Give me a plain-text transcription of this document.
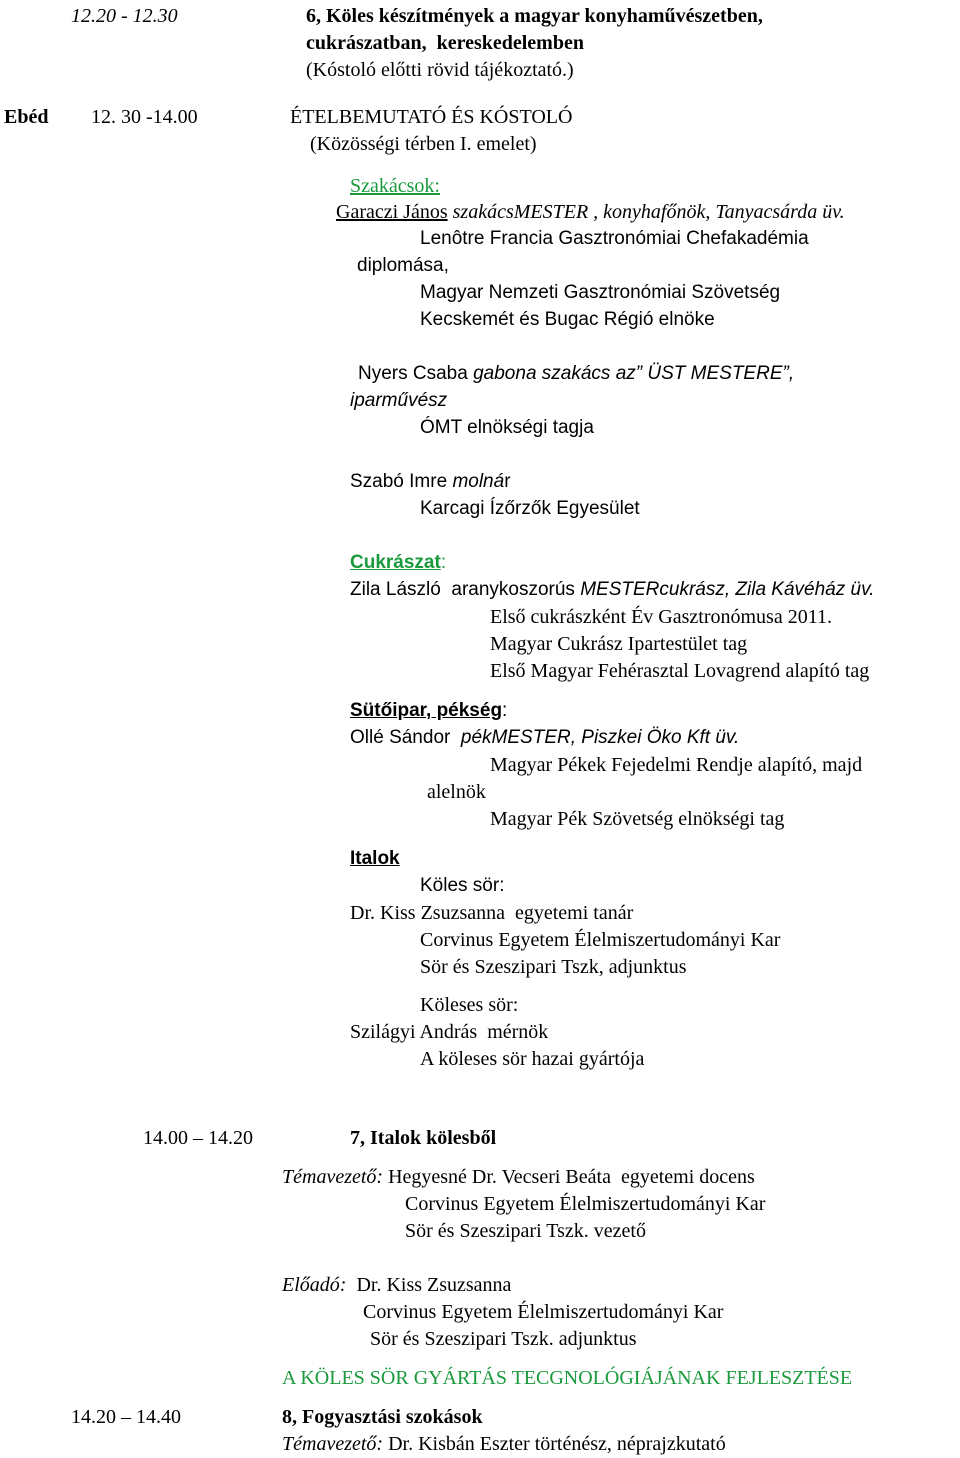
12.20 - 12.30	6, Köles készítmények a magyar konyhaművészetben,
cukrászatban,  kereskedelemben
(Kóstoló előtti rövid tájékoztató.)
Ebéd 12. 30 -14.00	ÉTELBEMUTATÓ ÉS KÓSTOLÓ
(Közösségi térben I. emelet)
Szakácsok:
Garaczi János szakácsMESTER , konyhafőnök, Tanyacsárda üv.
Lenôtre Francia Gasztronómiai Chefakadémia
diplomása,
Magyar Nemzeti Gasztronómiai Szövetség
Kecskemét és Bugac Régió elnöke
Nyers Csaba gabona szakács az” ÜST MESTERE”,
iparművész
ÓMT elnökségi tagja
Szabó Imre molnár
Karcagi Ízőrzők Egyesület
Cukrászat:
Zila László  aranykoszorús MESTERcukrász, Zila Kávéház üv.
Első cukrászként Év Gasztronómusa 2011.
Magyar Cukrász Ipartestület tag
Első Magyar Fehérasztal Lovagrend alapító tag
Sütőipar, pékség:
Ollé Sándor  pékMESTER, Piszkei Öko Kft üv.
Magyar Pékek Fejedelmi Rendje alapító, majd
alelnök
Magyar Pék Szövetség elnökségi tag
Italok
Köles sör:
Dr. Kiss Zsuzsanna  egyetemi tanár
Corvinus Egyetem Élelmiszertudományi Kar
Sör és Szeszipari Tszk, adjunktus
Köleses sör:
Szilágyi András  mérnök
A köleses sör hazai gyártója
14.00 – 14.20	7, Italok kölesből
Témavezető: Hegyesné Dr. Vecseri Beáta  egyetemi docens
Corvinus Egyetem Élelmiszertudományi Kar
Sör és Szeszipari Tszk. vezető
Előadó:  Dr. Kiss Zsuzsanna
Corvinus Egyetem Élelmiszertudományi Kar
Sör és Szeszipari Tszk. adjunktus
A KÖLES SÖR GYÁRTÁS TECGNOLÓGIÁJÁNAK FEJLESZTÉSE
14.20 – 14.40	8, Fogyasztási szokások
Témavezető: Dr. Kisbán Eszter történész, néprajzkutató
